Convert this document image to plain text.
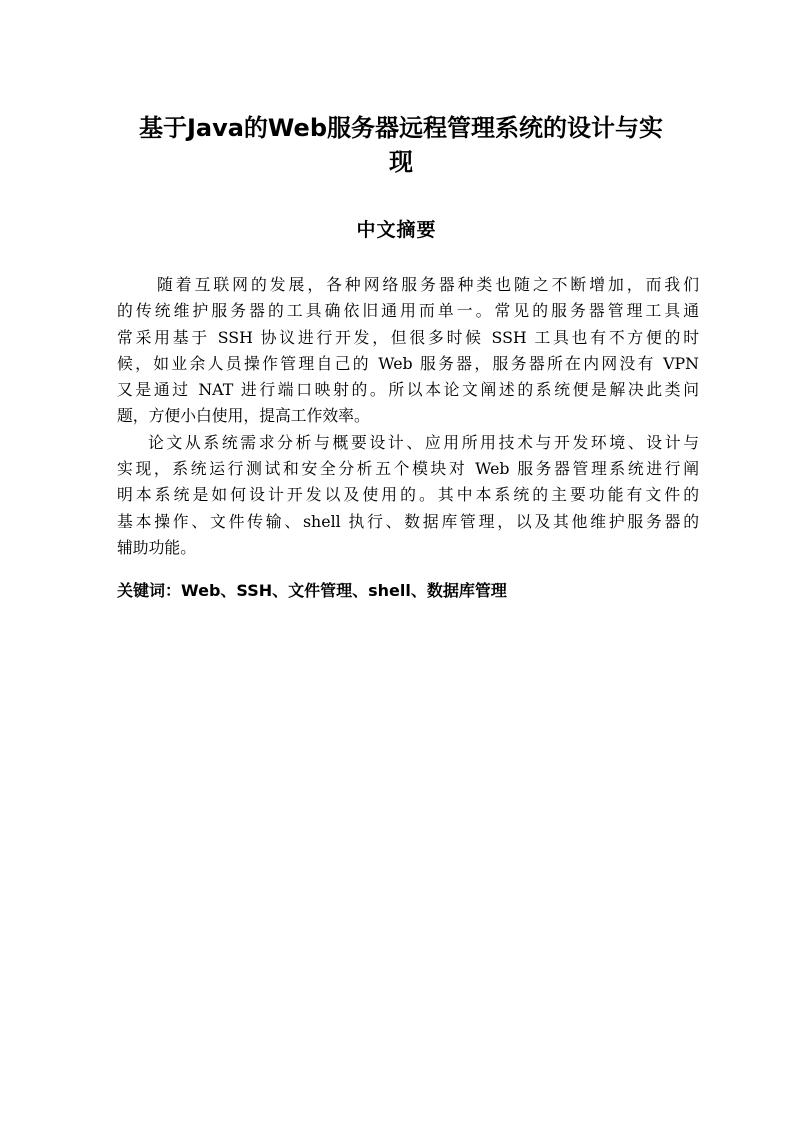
基于Java的Web服务器远程管理系统的设计与实
现
中文摘要
随着互联网的发展，各种网络服务器种类也随之不断增加，而我们
的传统维护服务器的工具确依旧通用而单一。常见的服务器管理工具通
常采用基于 SSH 协议进行开发，但很多时候 SSH 工具也有不方便的时
候，如业余人员操作管理自己的 Web 服务器，服务器所在内网没有 VPN
又是通过 NAT 进行端口映射的。所以本论文阐述的系统便是解决此类问
题，方便小白使用，提高工作效率。
论文从系统需求分析与概要设计、应用所用技术与开发环境、设计与
实现，系统运行测试和安全分析五个模块对 Web 服务器管理系统进行阐
明本系统是如何设计开发以及使用的。其中本系统的主要功能有文件的
基本操作、文件传输、shell 执行、数据库管理，以及其他维护服务器的
辅助功能。
关键词：Web、SSH、文件管理、shell、数据库管理
